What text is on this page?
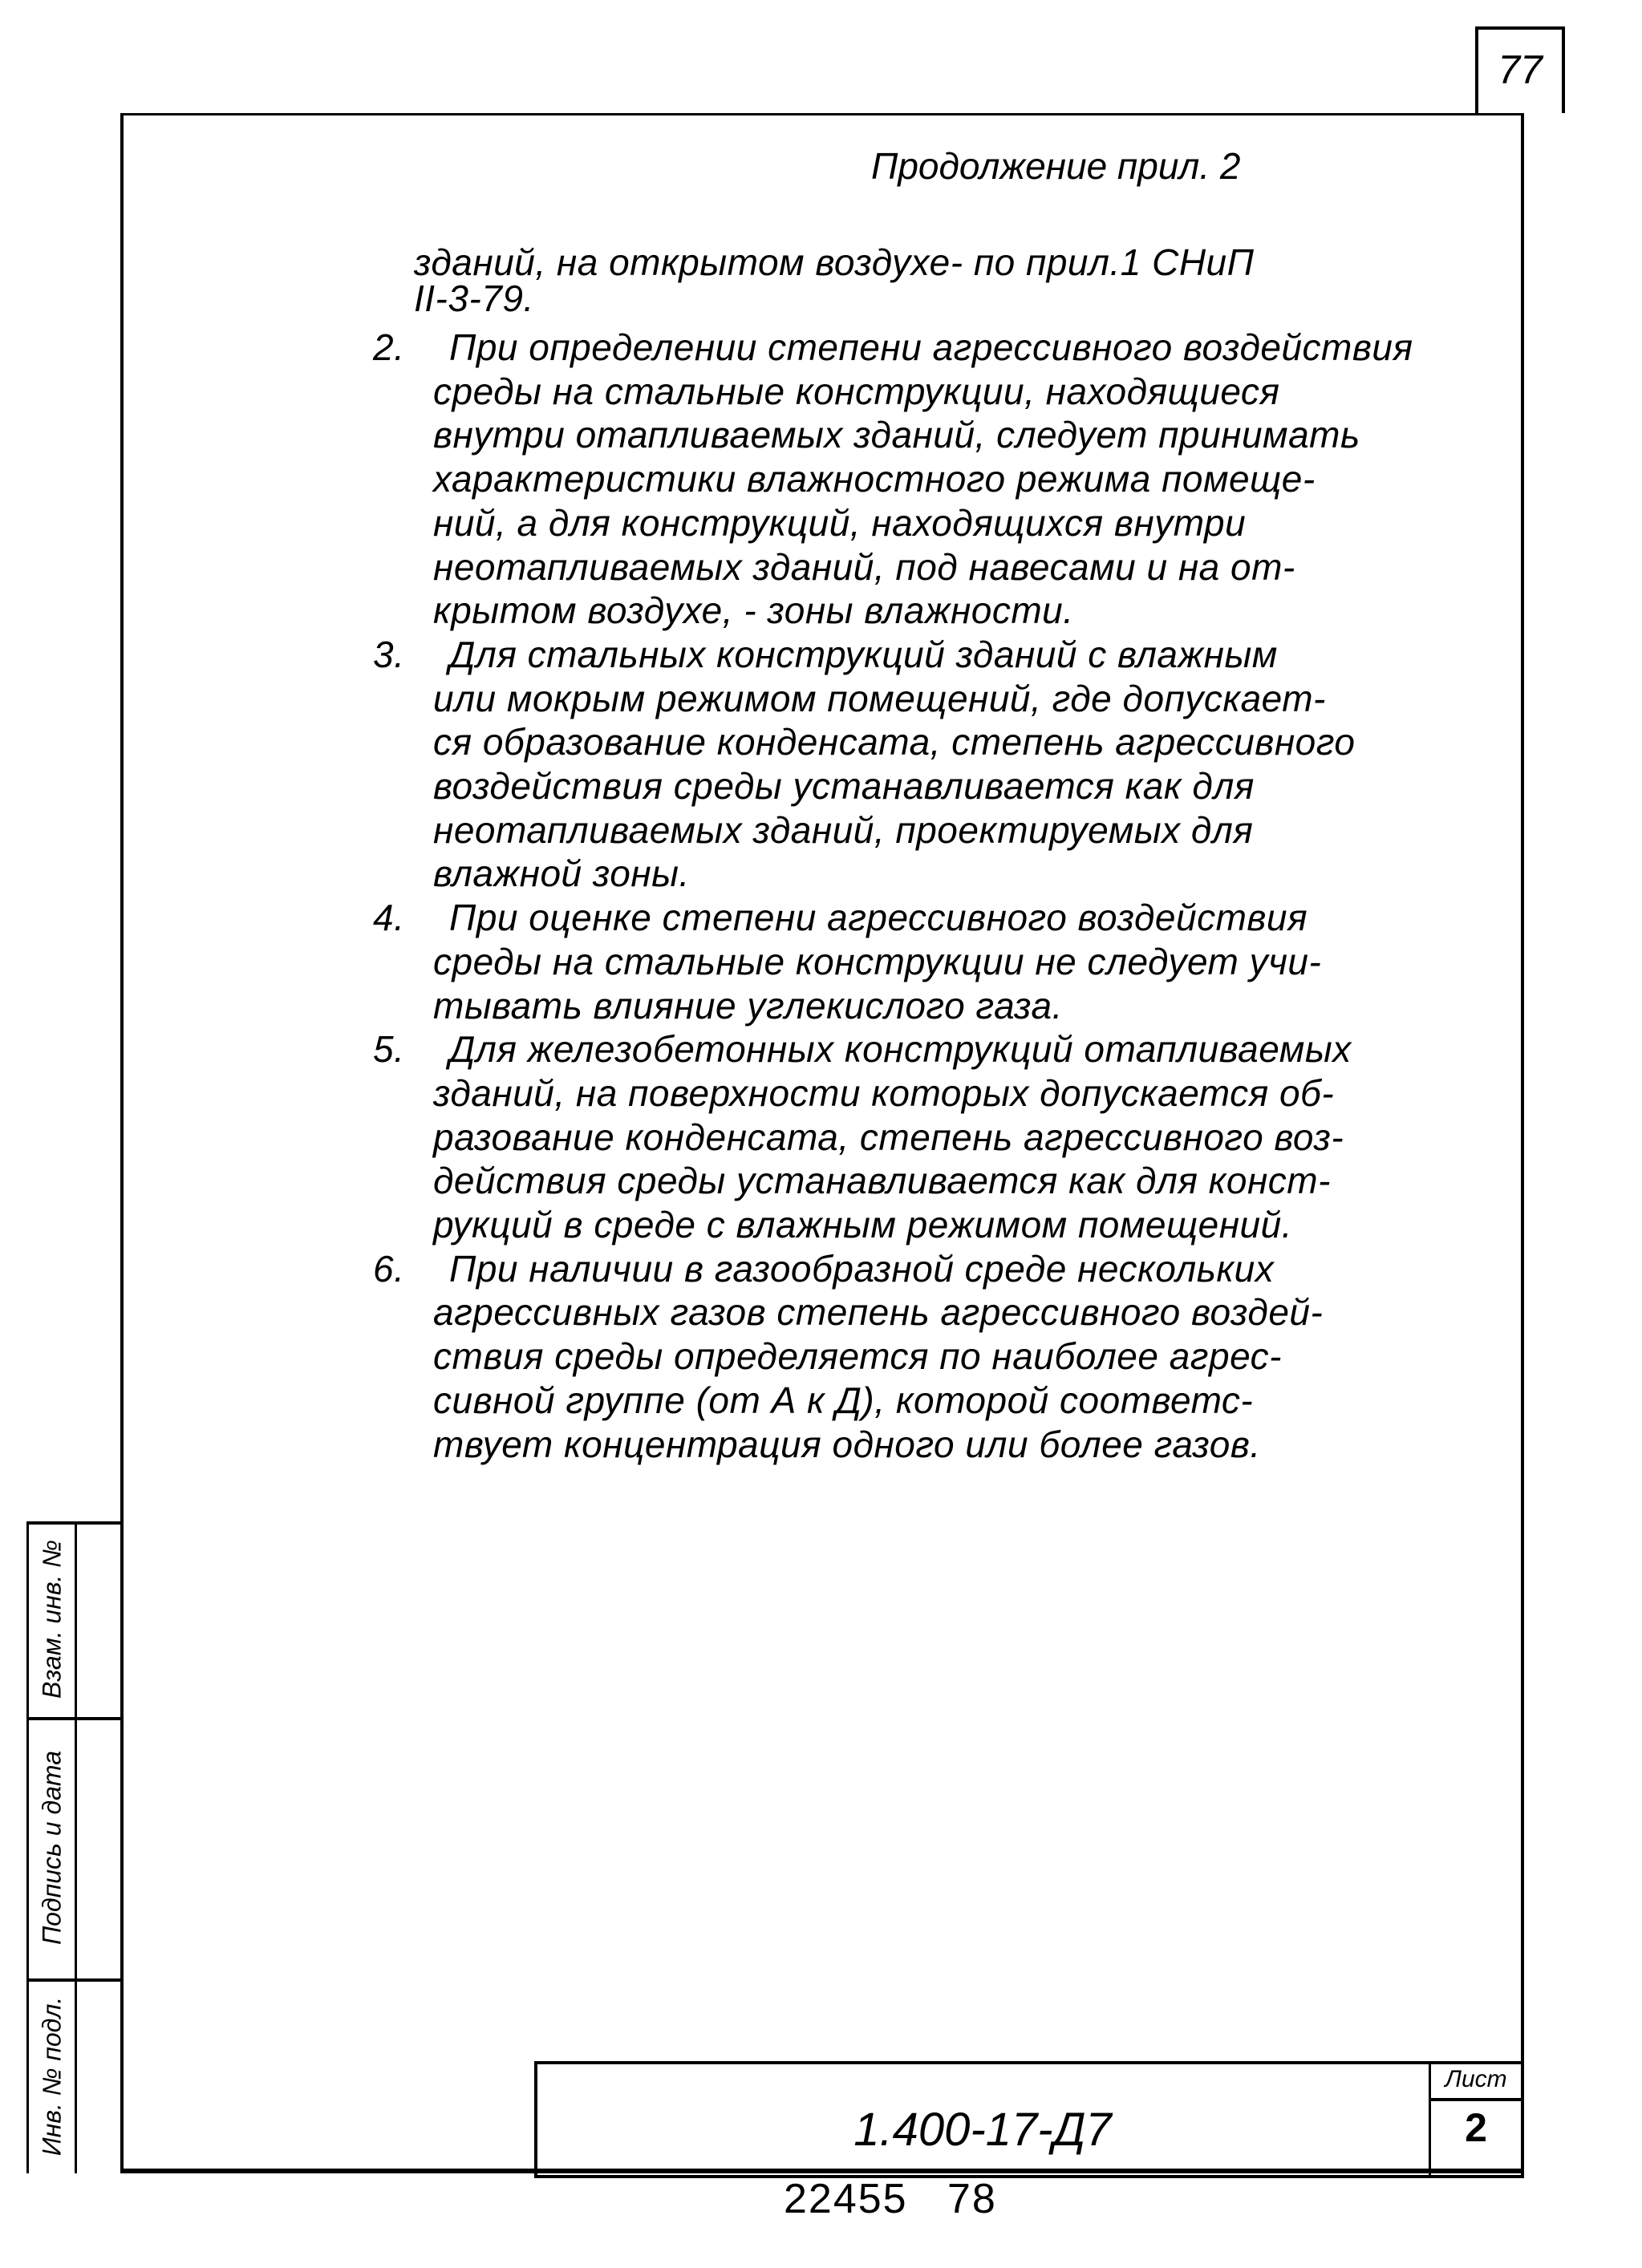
77
Продолжение прил. 2
зданий, на открытом воздухе- по прил.1 СНиП
II-3-79.
2. При определении степени агрессивного воздействия
среды на стальные конструкции, находящиеся
внутри отапливаемых зданий, следует принимать
характеристики влажностного режима помеще-
ний, а для конструкций, находящихся внутри
неотапливаемых зданий, под навесами и на от-
крытом воздухе, - зоны влажности.
3. Для стальных конструкций зданий с влажным
или мокрым режимом помещений, где допускает-
ся образование конденсата, степень агрессивного
воздействия среды устанавливается как для
неотапливаемых зданий, проектируемых для
влажной зоны.
4. При оценке степени агрессивного воздействия
среды на стальные конструкции не следует учи-
тывать влияние углекислого газа.
5. Для железобетонных конструкций отапливаемых
зданий, на поверхности которых допускается об-
разование конденсата, степень агрессивного воз-
действия среды устанавливается как для конст-
рукций в среде с влажным режимом помещений.
6. При наличии в газообразной среде нескольких
агрессивных газов степень агрессивного воздей-
ствия среды определяется по наиболее агрес-
сивной группе (от А к Д), которой соответс-
твует концентрация одного или более газов.
Взам. инв. №
Подпись и дата
Инв. № подл.	1.400-17-Д7
Лист
2
22455   78
